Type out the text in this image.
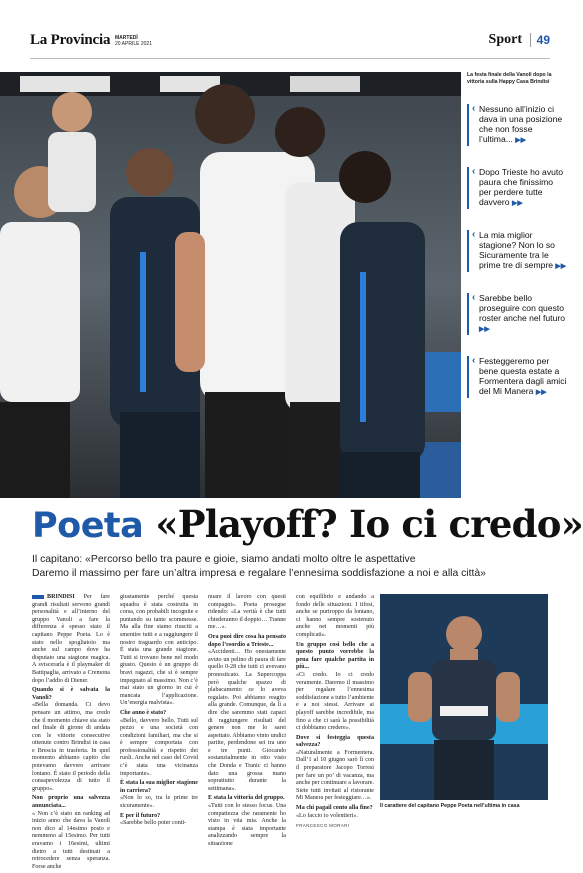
La Provincia MARTEDÌ
20 APRILE 2021	Sport	49
La festa finale della Vanoli dopo la vittoria sulla Happy Casa Brindisi
‹ Nessuno all’inizio ci dava in una posizione che non fosse l’ultima... ▶▶
‹ Dopo Trieste ho avuto paura che finissimo per perdere tutte davvero ▶▶
‹ La mia miglior stagione? Non lo so Sicuramente tra le prime tre di sempre ▶▶
‹ Sarebbe bello proseguire con questo roster anche nel futuro ▶▶
‹ Festeggeremo per bene questa estate a Formentera dagli amici del Mi Manera ▶▶
Poeta «Playoff? Io ci credo»
Il capitano: «Percorso bello tra paure e gioie, siamo andati molto oltre le aspettative
Daremo il massimo per fare un’altra impresa e regalare l’ennesima soddisfazione a noi e alla città»

BRINDISI Per fare grandi risultati servono grandi personalità e all’interno del gruppo Vanoli a fare la differenza è spesso stato il capitano Peppe Poeta. Lo è stato nello spogliatoio ma anche sul campo dove ha disputato una stagione magica. A sviscerarla è il playmaker di Battipaglia, arrivato a Cremona dopo l’addio di Diener.

Quando si è salvata la Vanoli?
«Bella domanda. Ci devo pensare un attimo, ma credo che il momento chiave sia stato nel finale di girone di andata con le vittorie consecutive ottenute contro Brindisi in casa e Brescia in trasferta. In quel momento abbiamo capito che potevamo davvero arrivare lontano. È stato il periodo della consapevolezza di tutto il gruppo».

Non proprio una salvezza annunciata...
« Non c’è stato un ranking ad inizio anno che dava la Vanoli non dico al 14esimo posto e nemmeno al 15esimo. Per tutti eravamo i 16esimi, ultimi dietro a tutti destinati a retrocedere senza speranza. Forse anche

giustamente perché questa squadra è stata costruita in corsa, con probabili incognite e puntando su tante scommesse. Ma alla fine siamo riusciti a smentire tutti e a raggiungere il nostro traguardo con anticipo. È stata una grande stagione. Tutti si trovano bene nel modo giusto. Questo è un gruppo di bravi ragazzi, che si è sempre impegnato al massimo. Non c’è mai stato un giorno in cui è mancata l’applicazione. Un’energia malvista».

Che anno è stato?
«Bello, davvero bello. Tutti sul pezzo e una società con condizioni familiari, ma che si è sempre comportata con professionalità e rispetto dei ruoli. Anche nel caso del Covid c’è stata una vicinanza importante».

È stata la sua miglior stagione in carriera?
«Non lo so, tra le prime tre sicuramente».

E per il futuro?
«Sarebbe bello poter conti-

nuare il lavoro con questi compagni». Poeta prosegue ridendo: «La verità è che tutti chiederanno il doppio… Tranne me…».

Ora puoi dire cosa ha pensato dopo l’esordio a Trieste...
«Accidenti… Ho onestamente avuto un pelino di paura di fare quello 0-28 che tutti ci avevano pronosticato. La Supercoppa però qualche spazzo di plabacamento ce lo aveva regalato. Poi abbiamo reagito alla grande. Comunque, da lì a dire che saremmo stati capaci di raggiungere risultati del genere non me lo sarei aspettato. Abbiamo vinto undici partite, perdendone sei tra uno e tre punti. Giocando sostanzialmente in otto visto che Donda e Tranic ci hanno dato una grossa mano soprattutto durante la settimana».

E stata la vittoria del gruppo.
«Tutti con lo stesso focus. Una compattezza che raramente ho visto in vita mia. Anche la stampa è stata importante analizzando sempre la situazione

con equilibrio e andando a fondo delle situazioni. I tifosi, anche se purtroppo da lontano, ci hanno sempre sostenuto anche nei momenti più complicati».

Un gruppo così bello che a questo punto vorrebbe la pena fare qualche partita in più...
«Ci credo. Io ci credo veramente. Daremo il massimo per regalare l’ennesima soddisfazione a tutto l’ambiente e a noi stessi. Arrivare ai playoff sarebbe incredibile, ma fino a che ci sarà la possibilità ci dobbiamo credere».

Dove si festeggia questa salvezza?
«Naturalmente a Formentera. Dall’1 al 10 giugno sarò lì con il preparatore Jacopo Torresi per fare un po’ di vacanza, ma anche per continuare a lavorare. Siete tutti invitati al ristorante Mi Manera per festeggiare…».

Ma chi pagail conto alla fine?
«Lo faccio io volentieri».

FRANCESCO MORARI

Il carattere del capitano Peppe Poeta nell’ultima in casa
